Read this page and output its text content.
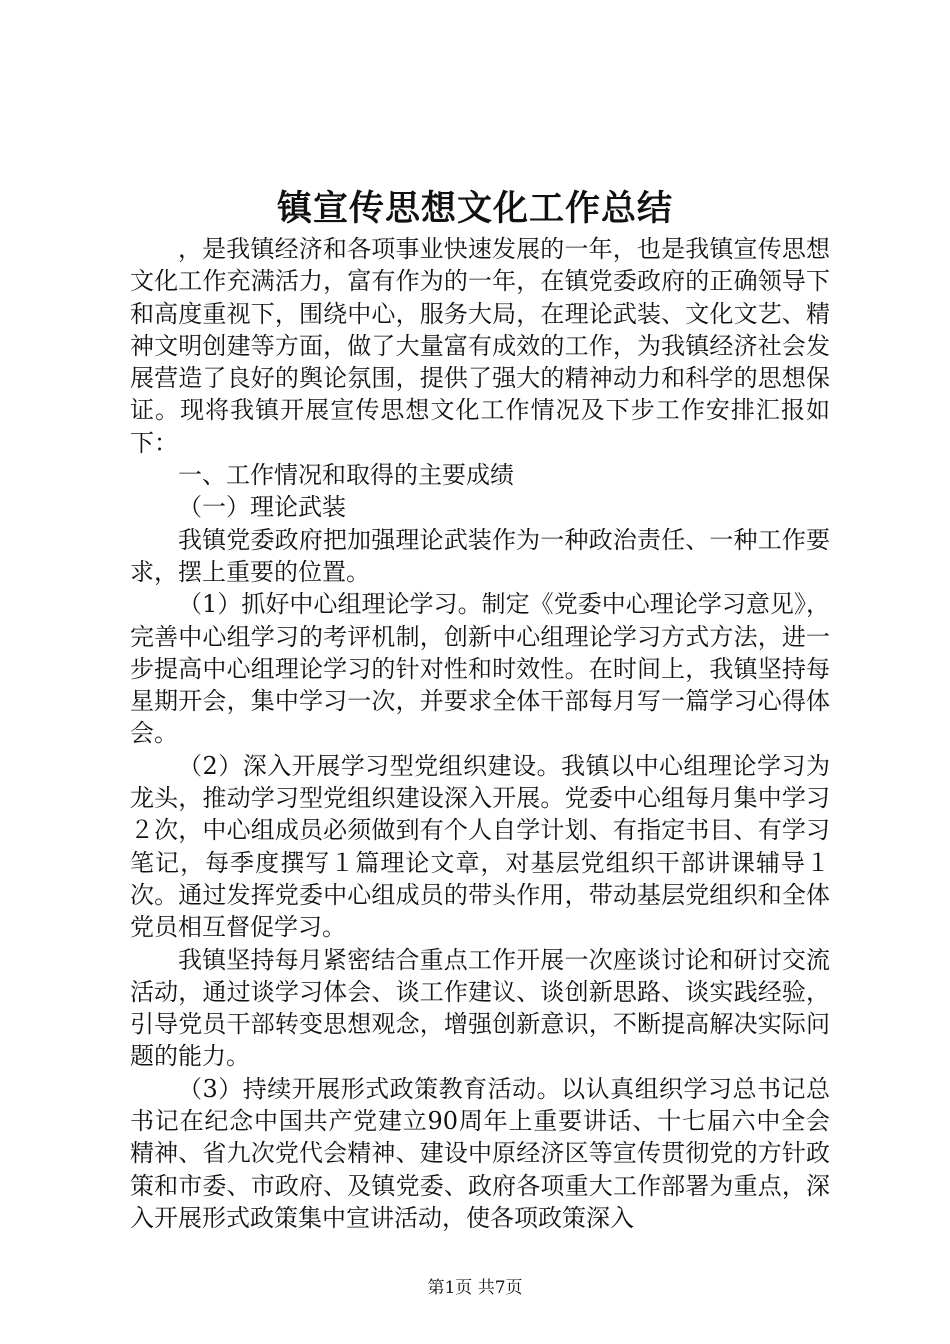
镇宣传思想文化工作总结

，是我镇经济和各项事业快速发展的一年，也是我镇宣传思想文化工作充满活力，富有作为的一年，在镇党委政府的正确领导下和高度重视下，围绕中心，服务大局，在理论武装、文化文艺、精神文明创建等方面，做了大量富有成效的工作，为我镇经济社会发展营造了良好的舆论氛围，提供了强大的精神动力和科学的思想保证。现将我镇开展宣传思想文化工作情况及下步工作安排汇报如下：

一、工作情况和取得的主要成绩

（一）理论武装

我镇党委政府把加强理论武装作为一种政治责任、一种工作要求，摆上重要的位置。

（1）抓好中心组理论学习。制定《党委中心理论学习意见》，完善中心组学习的考评机制，创新中心组理论学习方式方法，进一步提高中心组理论学习的针对性和时效性。在时间上，我镇坚持每星期开会，集中学习一次，并要求全体干部每月写一篇学习心得体会。

（2）深入开展学习型党组织建设。我镇以中心组理论学习为龙头，推动学习型党组织建设深入开展。党委中心组每月集中学习２次，中心组成员必须做到有个人自学计划、有指定书目、有学习笔记，每季度撰写１篇理论文章，对基层党组织干部讲课辅导１次。通过发挥党委中心组成员的带头作用，带动基层党组织和全体党员相互督促学习。

我镇坚持每月紧密结合重点工作开展一次座谈讨论和研讨交流活动，通过谈学习体会、谈工作建议、谈创新思路、谈实践经验，引导党员干部转变思想观念，增强创新意识，不断提高解决实际问题的能力。

（3）持续开展形式政策教育活动。以认真组织学习总书记总书记在纪念中国共产党建立90周年上重要讲话、十七届六中全会精神、省九次党代会精神、建设中原经济区等宣传贯彻党的方针政策和市委、市政府、及镇党委、政府各项重大工作部署为重点，深入开展形式政策集中宣讲活动，使各项政策深入

第1页 共7页
